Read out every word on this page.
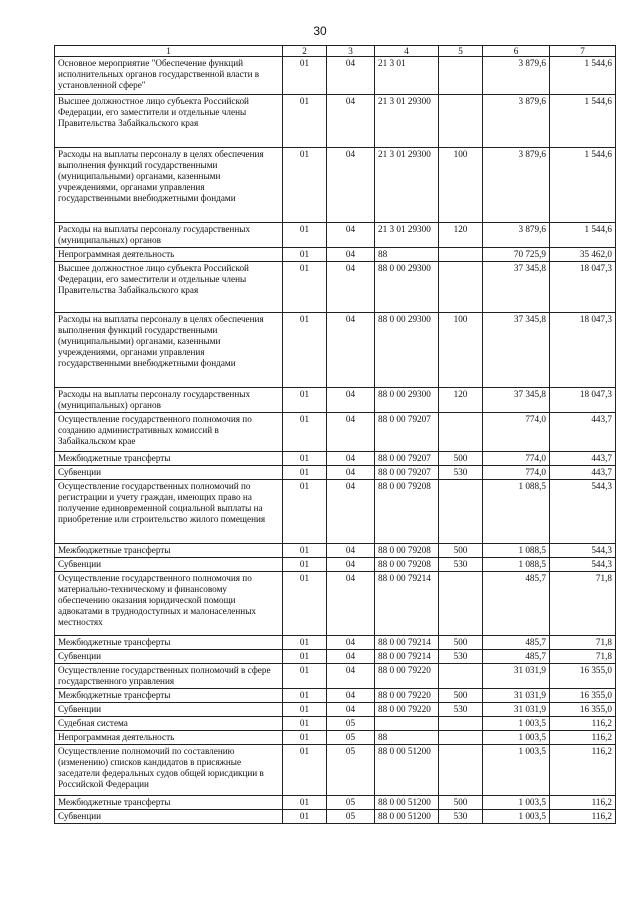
30
1	2	3	4	5	6	7
Основное мероприятие "Обеспечение функций исполнительных органов государственной власти в установленной сфере"	01	04	21 3 01		3 879,6	1 544,6
Высшее должностное лицо субъекта Российской Федерации, его заместители и отдельные члены Правительства Забайкальского края	01	04	21 3 01 29300		3 879,6	1 544,6
Расходы на выплаты персоналу в целях обеспечения выполнения функций государственными (муниципальными) органами, казенными учреждениями, органами управления государственными внебюджетными фондами	01	04	21 3 01 29300	100	3 879,6	1 544,6
Расходы на выплаты персоналу государственных (муниципальных) органов	01	04	21 3 01 29300	120	3 879,6	1 544,6
Непрограммная деятельность	01	04	88		70 725,9	35 462,0
Высшее должностное лицо субъекта Российской Федерации, его заместители и отдельные члены Правительства Забайкальского края	01	04	88 0 00 29300		37 345,8	18 047,3
Расходы на выплаты персоналу в целях обеспечения выполнения функций государственными (муниципальными) органами, казенными учреждениями, органами управления государственными внебюджетными фондами	01	04	88 0 00 29300	100	37 345,8	18 047,3
Расходы на выплаты персоналу государственных (муниципальных) органов	01	04	88 0 00 29300	120	37 345,8	18 047,3
Осуществление государственного полномочия по созданию административных комиссий в Забайкальском крае	01	04	88 0 00 79207		774,0	443,7
Межбюджетные трансферты	01	04	88 0 00 79207	500	774,0	443,7
Субвенции	01	04	88 0 00 79207	530	774,0	443,7
Осуществление государственных полномочий по регистрации и учету граждан, имеющих право на получение единовременной социальной выплаты на приобретение или строительство жилого помещения	01	04	88 0 00 79208		1 088,5	544,3
Межбюджетные трансферты	01	04	88 0 00 79208	500	1 088,5	544,3
Субвенции	01	04	88 0 00 79208	530	1 088,5	544,3
Осуществление государственного полномочия по материально-техническому и финансовому обеспечению оказания юридической помощи адвокатами в труднодоступных и малонаселенных местностях	01	04	88 0 00 79214		485,7	71,8
Межбюджетные трансферты	01	04	88 0 00 79214	500	485,7	71,8
Субвенции	01	04	88 0 00 79214	530	485,7	71,8
Осуществление государственных полномочий в сфере государственного управления	01	04	88 0 00 79220		31 031,9	16 355,0
Межбюджетные трансферты	01	04	88 0 00 79220	500	31 031,9	16 355,0
Субвенции	01	04	88 0 00 79220	530	31 031,9	16 355,0
Судебная система	01	05			1 003,5	116,2
Непрограммная деятельность	01	05	88		1 003,5	116,2
Осуществление полномочий по составлению (изменению) списков кандидатов в присяжные заседатели федеральных судов общей юрисдикции в Российской Федерации	01	05	88 0 00 51200		1 003,5	116,2
Межбюджетные трансферты	01	05	88 0 00 51200	500	1 003,5	116,2
Субвенции	01	05	88 0 00 51200	530	1 003,5	116,2
